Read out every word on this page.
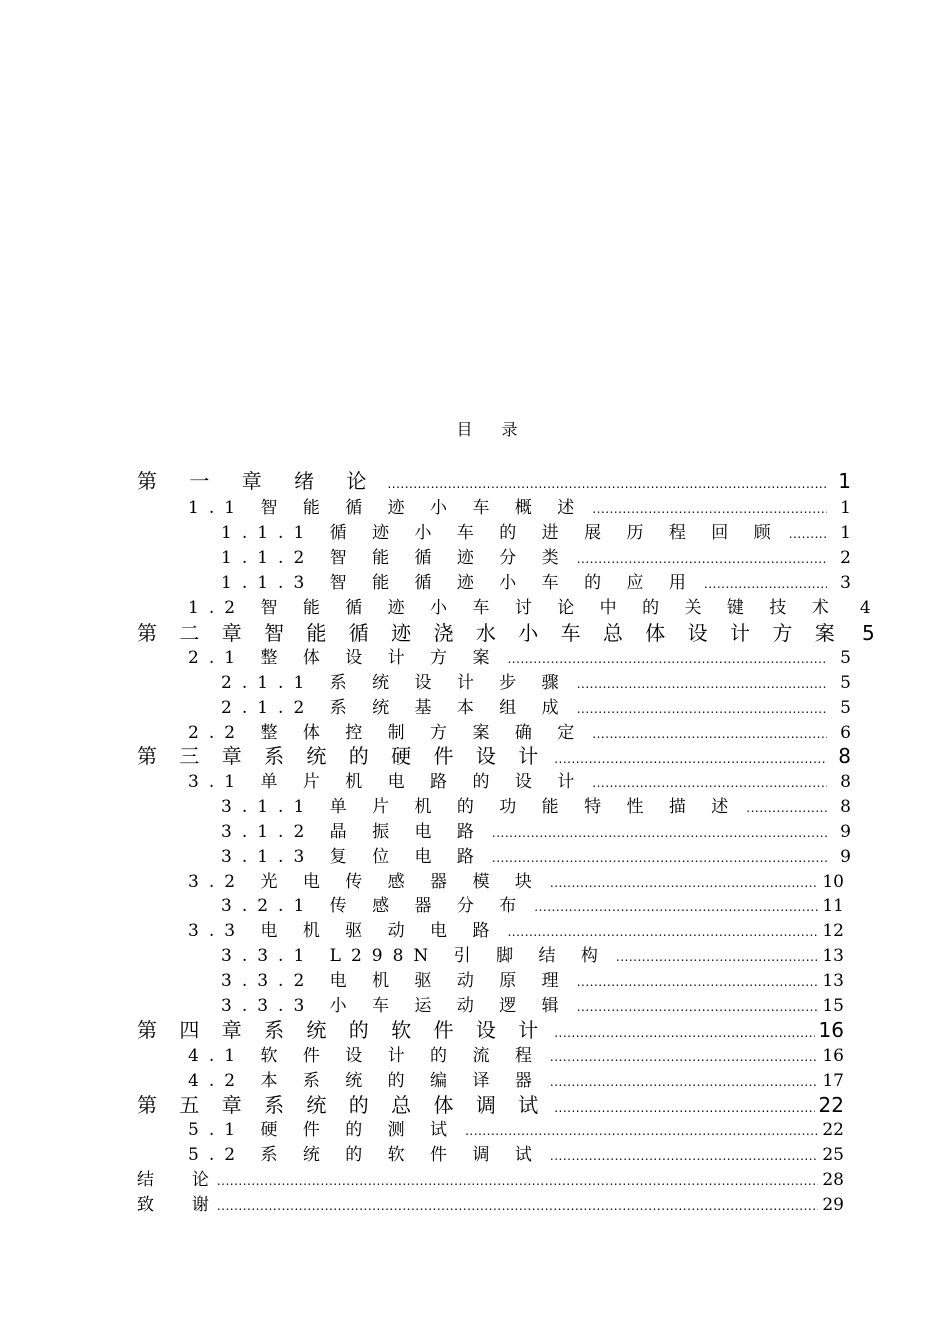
目 录
第 一 章 绪 论 .....	1
1.1 智 能 循 迹 小 车 概 述 .....	1
1.1.1 循 迹 小 车 的 进 展 历 程 回 顾 .....	1
1.1.2 智 能 循 迹 分 类 .....	2
1.1.3 智 能 循 迹 小 车 的 应 用 .....	3
1.2 智 能 循 迹 小 车 讨 论 中 的 关 键 技 术	4
第 二 章 智 能 循 迹 浇 水 小 车 总 体 设 计 方 案 5
2.1 整 体 设 计 方 案 .....	5
2.1.1 系 统 设 计 步 骤 .....	5
2.1.2 系 统 基 本 组 成 .....	5
2.2 整 体 控 制 方 案 确 定 .....	6
第 三 章 系 统 的 硬 件 设 计 .....	8
3.1 单 片 机 电 路 的 设 计 .....	8
3.1.1 单 片 机 的 功 能 特 性 描 述 .....	8
3.1.2 晶 振 电 路 .....	9
3.1.3 复 位 电 路 .....	9
3.2 光 电 传 感 器 模 块 .....	10
3.2.1 传 感 器 分 布 .....	11
3.3 电 机 驱 动 电 路 .....	12
3.3.1 L298N 引 脚 结 构 .....	13
3.3.2 电 机 驱 动 原 理 .....	13
3.3.3 小 车 运 动 逻 辑 .....	15
第 四 章 系 统 的 软 件 设 计 .....	16
4.1 软 件 设 计 的 流 程 .....	16
4.2 本 系 统 的 编 译 器 .....	17
第 五 章 系 统 的 总 体 调 试 .....	22
5.1 硬 件 的 测 试 .....	22
5.2 系 统 的 软 件 调 试 .....	25
结       论 .....	28
致       谢 .....	29
